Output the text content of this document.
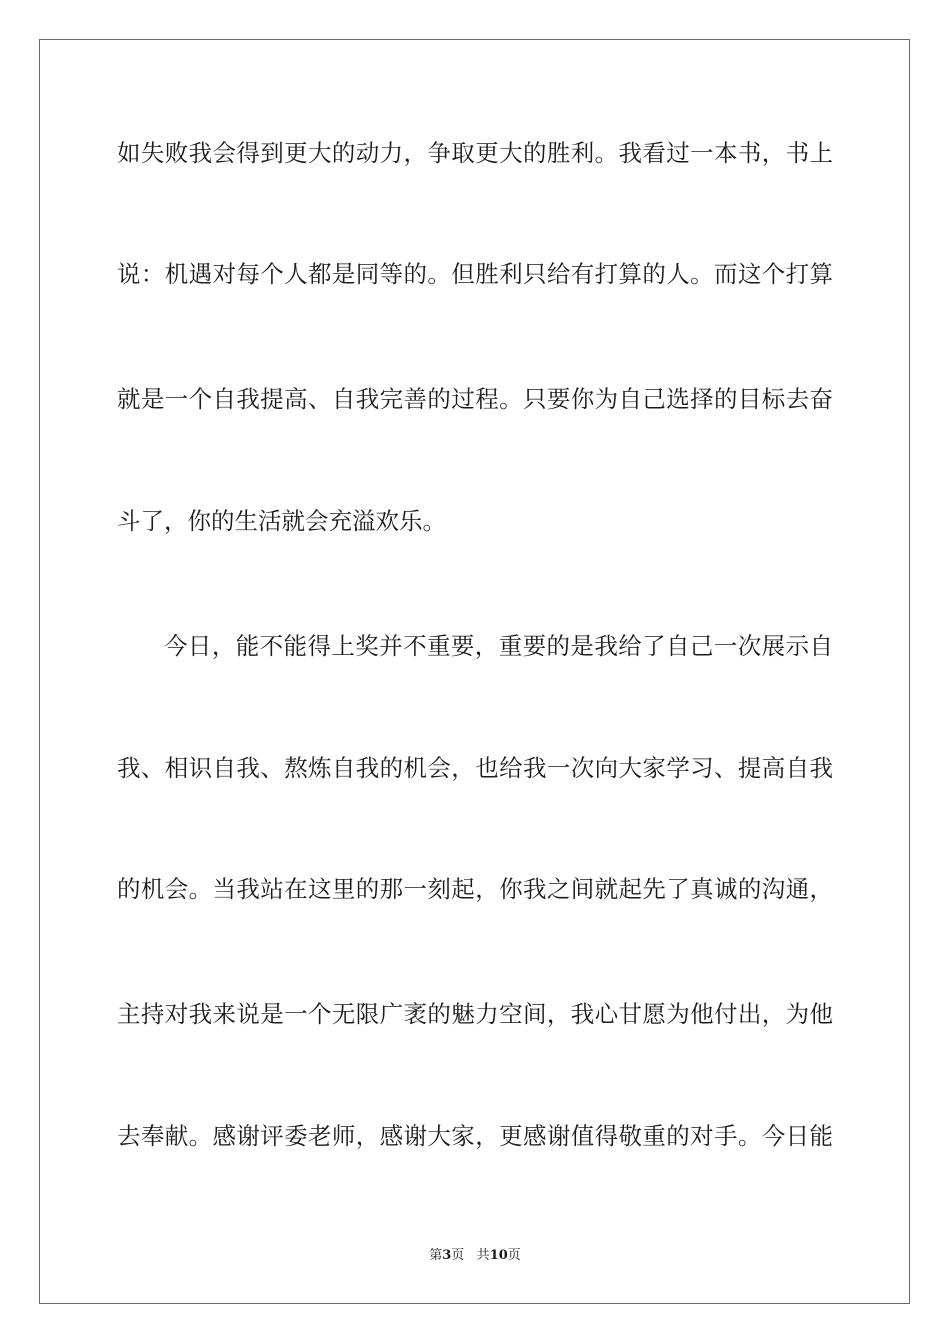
如失败我会得到更大的动力，争取更大的胜利。我看过一本书，书上
说：机遇对每个人都是同等的。但胜利只给有打算的人。而这个打算
就是一个自我提高、自我完善的过程。只要你为自己选择的目标去奋
斗了，你的生活就会充溢欢乐。
今日，能不能得上奖并不重要，重要的是我给了自己一次展示自
我、相识自我、熬炼自我的机会，也给我一次向大家学习、提高自我
的机会。当我站在这里的那一刻起，你我之间就起先了真诚的沟通，
主持对我来说是一个无限广袤的魅力空间，我心甘愿为他付出，为他
去奉献。感谢评委老师，感谢大家，更感谢值得敬重的对手。今日能
第3页 共10页
